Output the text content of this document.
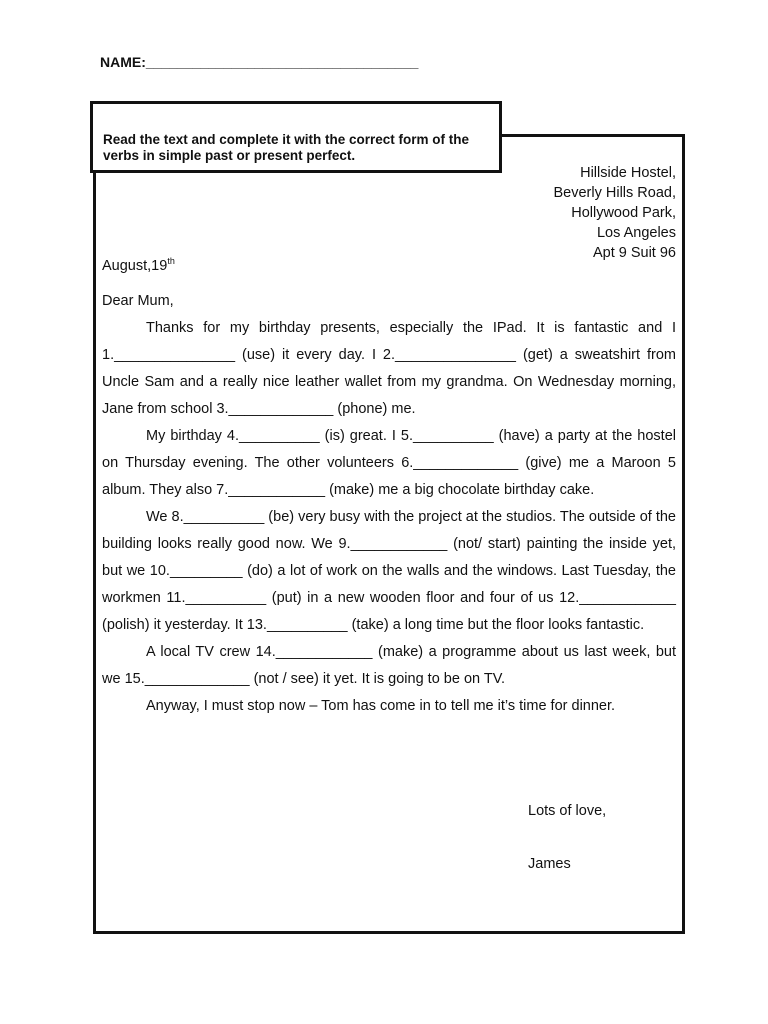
NAME:___________________________________
Read the text and complete it with the correct form of the verbs in simple past or present perfect.
Hillside Hostel,
Beverly Hills Road,
Hollywood Park,
Los Angeles
Apt 9 Suit 96
August,19th

Dear Mum,

Thanks for my birthday presents, especially the IPad. It is fantastic and I 1._______________ (use) it every day. I 2._______________ (get) a sweatshirt from Uncle Sam and a really nice leather wallet from my grandma. On Wednesday morning, Jane from school 3._____________ (phone) me.

My birthday 4.__________ (is) great. I 5.__________ (have) a party at the hostel on Thursday evening. The other volunteers 6._____________ (give) me a Maroon 5 album. They also 7.____________ (make) me a big chocolate birthday cake.

We 8.__________ (be) very busy with the project at the studios. The outside of the building looks really good now. We 9.____________ (not/ start) painting the inside yet, but we 10._________ (do) a lot of work on the walls and the windows. Last Tuesday, the workmen 11.__________ (put) in a new wooden floor and four of us 12.____________ (polish) it yesterday. It 13.__________ (take) a long time but the floor looks fantastic.

A local TV crew 14.____________ (make) a programme about us last week, but we 15._____________ (not / see) it yet. It is going to be on TV.

Anyway, I must stop now – Tom has come in to tell me it’s time for dinner.

Lots of love,
James
